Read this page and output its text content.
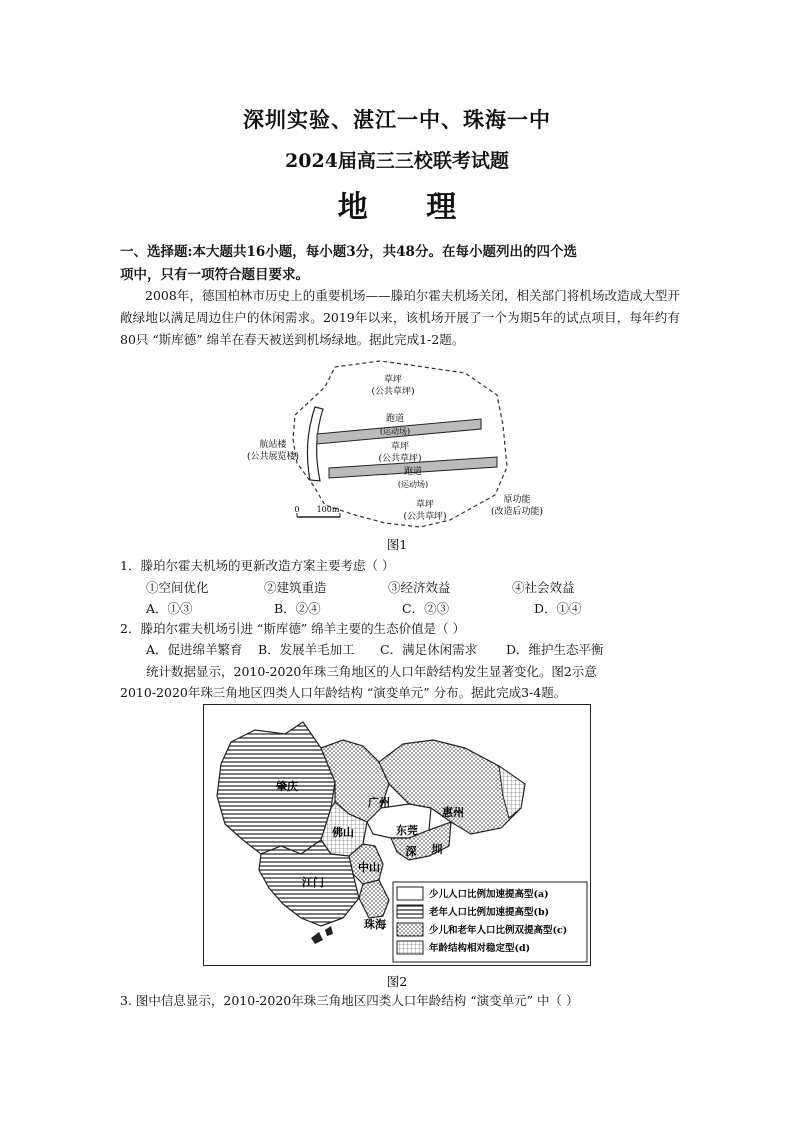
深圳实验、湛江一中、珠海一中
2024届高三三校联考试题
地 理
一、选择题:本大题共16小题，每小题3分，共48分。在每小题列出的四个选
项中，只有一项符合题目要求。
2008年，德国柏林市历史上的重要机场——滕珀尔霍夫机场关闭，相关部门将机场改造成大型开敞绿地以满足周边住户的休闲需求。2019年以来，该机场开展了一个为期5年的试点项目，每年约有80只 “斯库德” 绵羊在春天被送到机场绿地。据此完成1-2题。
草坪
(公共草坪)
跑道
(运动场)
草坪
(公共草坪)
跑道
(运动场)
草坪
(公共草坪)
航站楼
(公共展览楼)
原功能
(改造后功能)
0 100m
图1
1．滕珀尔霍夫机场的更新改造方案主要考虑（ ）
①空间优化	②建筑重造	③经济效益	④社会效益
A．①③	B．②④	C．②③	D．①④
2．滕珀尔霍夫机场引进 “斯库德” 绵羊主要的生态价值是（ ）
A．促进绵羊繁育	B．发展羊毛加工	C．满足休闲需求	D．维护生态平衡
统计数据显示，2010-2020年珠三角地区的人口年龄结构发生显著变化。图2示意
2010-2020年珠三角地区四类人口年龄结构 “演变单元” 分布。据此完成3-4题。
肇庆
广州
惠州
佛山	东莞
深 圳
中山
江门
珠海
少儿人口比例加速提高型(a)
老年人口比例加速提高型(b)
少儿和老年人口比例双提高型(c)
年龄结构相对稳定型(d)
图2
3. 图中信息显示，2010-2020年珠三角地区四类人口年龄结构 “演变单元” 中（ ）
